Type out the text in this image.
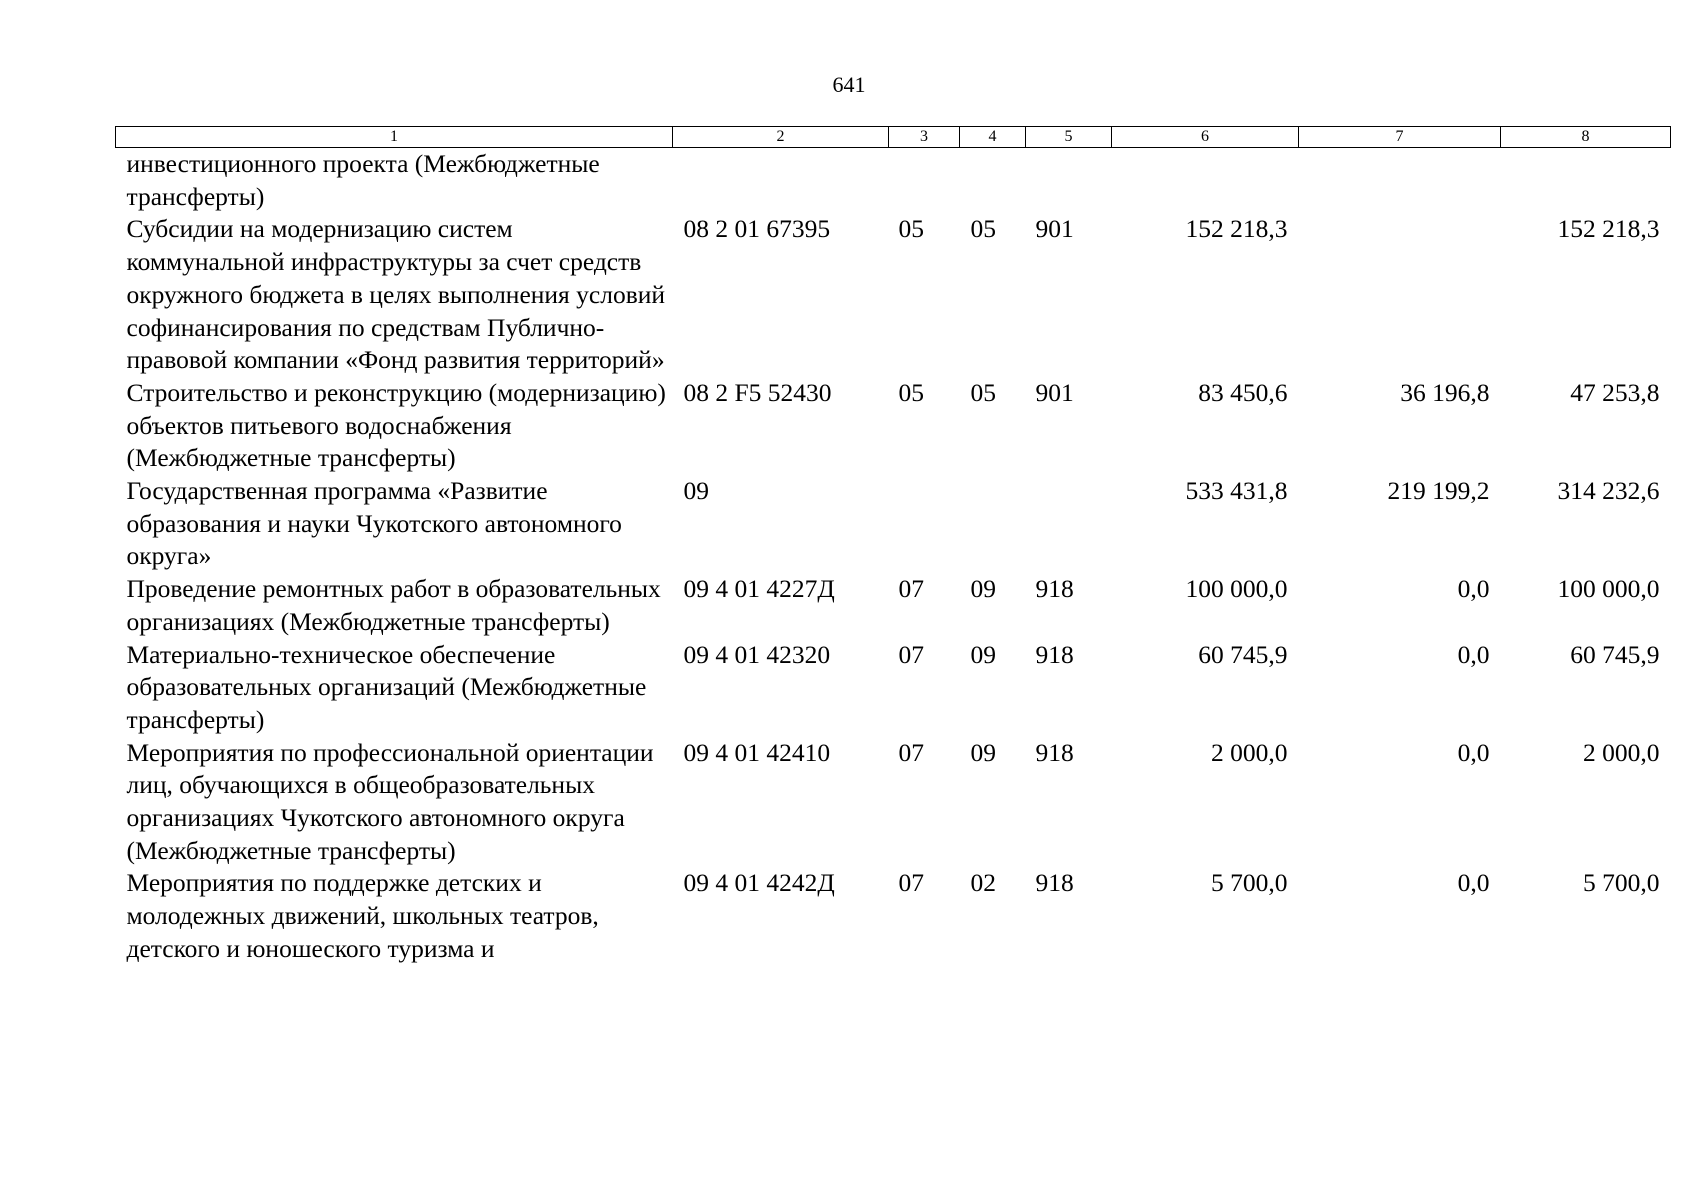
641
1	2	3	4	5	6	7	8
инвестиционного проекта (Межбюджетные трансферты)							
Субсидии на модернизацию систем коммунальной инфраструктуры за счет средств окружного бюджета в целях выполнения условий софинансирования по средствам Публично-правовой компании «Фонд развития территорий»	08 2 01 67395	05	05	901	152 218,3		152 218,3
Строительство и реконструкцию (модернизацию) объектов питьевого водоснабжения (Межбюджетные трансферты)	08 2 F5 52430	05	05	901	83 450,6	36 196,8	47 253,8
Государственная программа «Развитие образования и науки Чукотского автономного округа»	09				533 431,8	219 199,2	314 232,6
Проведение ремонтных работ в образовательных организациях (Межбюджетные трансферты)	09 4 01 4227Д	07	09	918	100 000,0	0,0	100 000,0
Материально-техническое обеспечение образовательных организаций (Межбюджетные трансферты)	09 4 01 42320	07	09	918	60 745,9	0,0	60 745,9
Мероприятия по профессиональной ориентации лиц, обучающихся в общеобразовательных организациях Чукотского автономного округа (Межбюджетные трансферты)	09 4 01 42410	07	09	918	2 000,0	0,0	2 000,0
Мероприятия по поддержке детских и молодежных движений, школьных театров, детского и юношеского туризма и	09 4 01 4242Д	07	02	918	5 700,0	0,0	5 700,0
